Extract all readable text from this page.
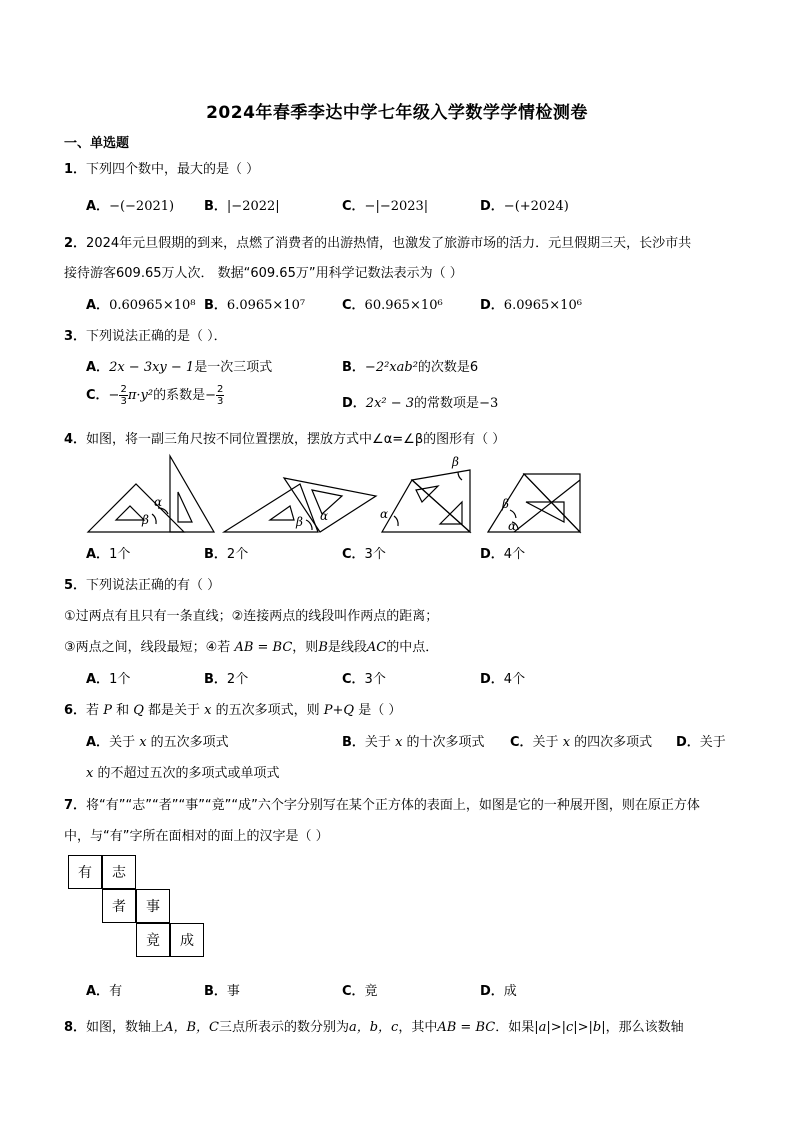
2024年春季李达中学七年级入学数学学情检测卷
一、单选题
1．下列四个数中，最大的是（ ）
A．−(−2021) B．|−2022|	C．−|−2023|	D．−(+2024)
2．2024年元旦假期的到来，点燃了消费者的出游热情，也激发了旅游市场的活力．元旦假期三天，长沙市共
接待游客609.65万人次． 数据“609.65万”用科学记数法表示为（ ）
A．0.60965×10⁸ B．6.0965×10⁷	C．60.965×10⁶	D．6.0965×10⁶
3．下列说法正确的是（ ）．
A．2x − 3xy − 1是一次三项式	B．−2²xab²的次数是6
C．− $\frac{2}{3} \pi\cdot y^2$的系数是− $\frac{2}{3}$	D．2x² − 3的常数项是−3
4．如图，将一副三角尺按不同位置摆放，摆放方式中∠α=∠β的图形有（ ）
α
β	β α	α
β
β
α
A．1个	B．2个	C．3个	D．4个
5．下列说法正确的有（ ）
①过两点有且只有一条直线；②连接两点的线段叫作两点的距离；
③两点之间，线段最短；④若 AB = BC，则B是线段AC的中点．
A．1个	B．2个	C．3个	D．4个
6．若 P 和 Q 都是关于 x 的五次多项式，则 P+Q 是（ ）
A．关于 x 的五次多项式	B．关于 x 的十次多项式 C．关于 x 的四次多项式 D．关于
x 的不超过五次的多项式或单项式
7．将“有”“志”“者”“事”“竟”“成”六个字分别写在某个正方体的表面上，如图是它的一种展开图，则在原正方体
中，与“有”字所在面相对的面上的汉字是（ ）
有	志
者	事
竟	成
A．有	B．事	C．竟	D．成
8．如图，数轴上A，B，C三点所表示的数分别为a，b，c，其中AB = BC．如果|a|>|c|>|b|，那么该数轴
